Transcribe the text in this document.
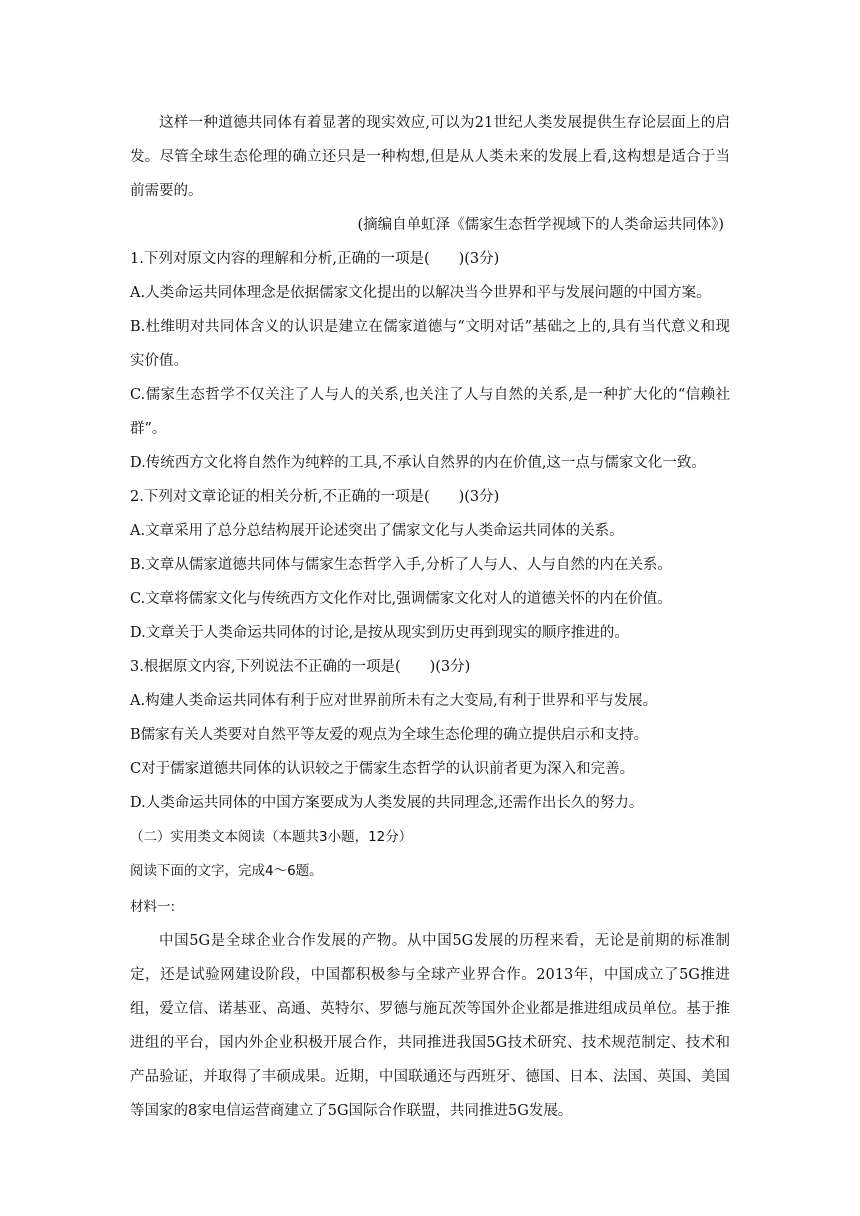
这样一种道德共同体有着显著的现实效应,可以为21世纪人类发展提供生存论层面上的启发。尽管全球生态伦理的确立还只是一种构想,但是从人类未来的发展上看,这构想是适合于当前需要的。

(摘编自单虹泽《儒家生态哲学视域下的人类命运共同体》)

1.下列对原文内容的理解和分析,正确的一项是(　　)(3分)

A.人类命运共同体理念是依据儒家文化提出的以解决当今世界和平与发展问题的中国方案。

B.杜维明对共同体含义的认识是建立在儒家道德与“文明对话”基础之上的,具有当代意义和现实价值。

C.儒家生态哲学不仅关注了人与人的关系,也关注了人与自然的关系,是一种扩大化的“信赖社群”。

D.传统西方文化将自然作为纯粹的工具,不承认自然界的内在价值,这一点与儒家文化一致。

2.下列对文章论证的相关分析,不正确的一项是(　　)(3分)

A.文章采用了总分总结构展开论述突出了儒家文化与人类命运共同体的关系。

B.文章从儒家道德共同体与儒家生态哲学入手,分析了人与人、人与自然的内在关系。

C.文章将儒家文化与传统西方文化作对比,强调儒家文化对人的道德关怀的内在价值。

D.文章关于人类命运共同体的讨论,是按从现实到历史再到现实的顺序推进的。

3.根据原文内容,下列说法不正确的一项是(　　)(3分)

A.构建人类命运共同体有利于应对世界前所未有之大变局,有利于世界和平与发展。

B儒家有关人类要对自然平等友爱的观点为全球生态伦理的确立提供启示和支持。

C对于儒家道德共同体的认识较之于儒家生态哲学的认识前者更为深入和完善。

D.人类命运共同体的中国方案要成为人类发展的共同理念,还需作出长久的努力。

（二）实用类文本阅读（本题共3小题，12分）

阅读下面的文字，完成4～6题。

材料一:

中国5G是全球企业合作发展的产物。从中国5G发展的历程来看，无论是前期的标准制定，还是试验网建设阶段，中国都积极参与全球产业界合作。2013年，中国成立了5G推进组，爱立信、诺基亚、高通、英特尔、罗德与施瓦茨等国外企业都是推进组成员单位。基于推进组的平台，国内外企业积极开展合作，共同推进我国5G技术研究、技术规范制定、技术和产品验证，并取得了丰硕成果。近期，中国联通还与西班牙、德国、日本、法国、英国、美国等国家的8家电信运营商建立了5G国际合作联盟，共同推进5G发展。
